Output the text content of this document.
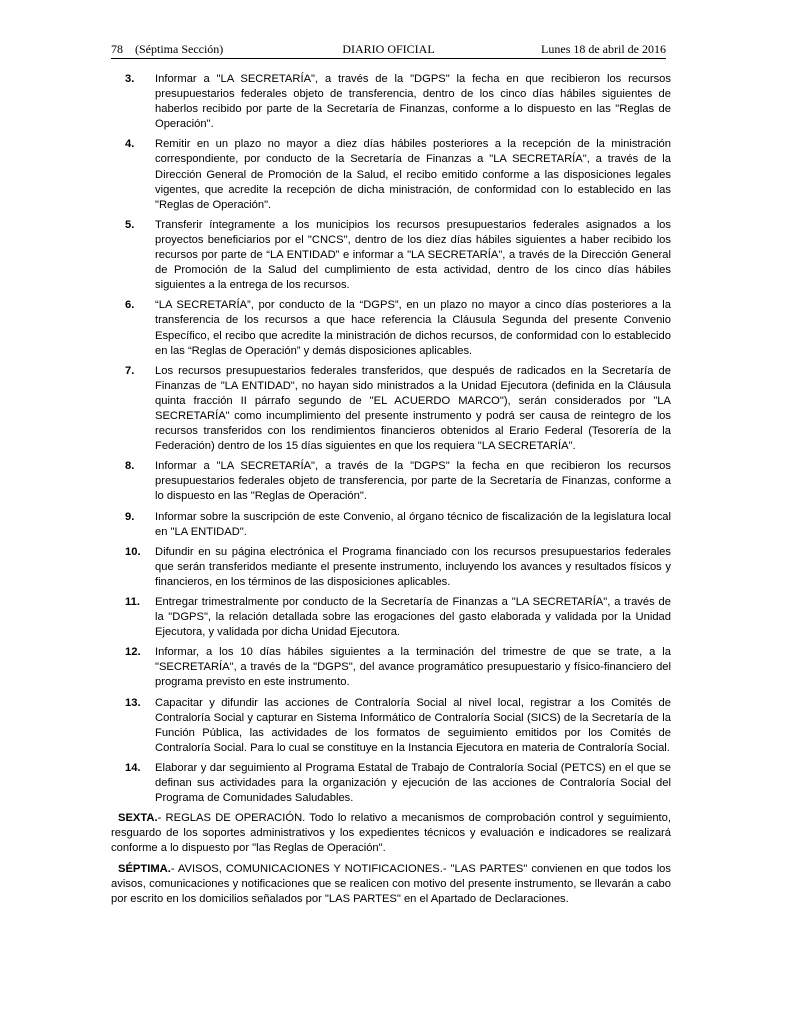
78 (Séptima Sección)	DIARIO OFICIAL	Lunes 18 de abril de 2016
3.	Informar a "LA SECRETARÍA", a través de la "DGPS" la fecha en que recibieron los recursos presupuestarios federales objeto de transferencia, dentro de los cinco días hábiles siguientes de haberlos recibido por parte de la Secretaría de Finanzas, conforme a lo dispuesto en las "Reglas de Operación".
4.	Remitir en un plazo no mayor a diez días hábiles posteriores a la recepción de la ministración correspondiente, por conducto de la Secretaría de Finanzas a "LA SECRETARÍA", a través de la Dirección General de Promoción de la Salud, el recibo emitido conforme a las disposiciones legales vigentes, que acredite la recepción de dicha ministración, de conformidad con lo establecido en las "Reglas de Operación".
5.	Transferir íntegramente a los municipios los recursos presupuestarios federales asignados a los proyectos beneficiarios por el "CNCS", dentro de los diez días hábiles siguientes a haber recibido los recursos por parte de “LA ENTIDAD” e informar a "LA SECRETARÍA", a través de la Dirección General de Promoción de la Salud del cumplimiento de esta actividad, dentro de los cinco días hábiles siguientes a la entrega de los recursos.
6.	“LA SECRETARÍA”, por conducto de la “DGPS”, en un plazo no mayor a cinco días posteriores a la transferencia de los recursos a que hace referencia la Cláusula Segunda del presente Convenio Específico, el recibo que acredite la ministración de dichos recursos, de conformidad con lo establecido en las “Reglas de Operación” y demás disposiciones aplicables.
7.	Los recursos presupuestarios federales transferidos, que después de radicados en la Secretaría de Finanzas de "LA ENTIDAD", no hayan sido ministrados a la Unidad Ejecutora (definida en la Cláusula quinta fracción II párrafo segundo de "EL ACUERDO MARCO"), serán considerados por "LA SECRETARÍA" como incumplimiento del presente instrumento y podrá ser causa de reintegro de los recursos transferidos con los rendimientos financieros obtenidos al Erario Federal (Tesorería de la Federación) dentro de los 15 días siguientes en que los requiera "LA SECRETARÍA".
8.	Informar a "LA SECRETARÍA", a través de la "DGPS" la fecha en que recibieron los recursos presupuestarios federales objeto de transferencia, por parte de la Secretaría de Finanzas, conforme a lo dispuesto en las "Reglas de Operación".
9.	Informar sobre la suscripción de este Convenio, al órgano técnico de fiscalización de la legislatura local en "LA ENTIDAD".
10.	Difundir en su página electrónica el Programa financiado con los recursos presupuestarios federales que serán transferidos mediante el presente instrumento, incluyendo los avances y resultados físicos y financieros, en los términos de las disposiciones aplicables.
11.	Entregar trimestralmente por conducto de la Secretaría de Finanzas a "LA SECRETARÍA", a través de la "DGPS", la relación detallada sobre las erogaciones del gasto elaborada y validada por la Unidad Ejecutora, y validada por dicha Unidad Ejecutora.
12.	Informar, a los 10 días hábiles siguientes a la terminación del trimestre de que se trate, a la "SECRETARÍA", a través de la "DGPS", del avance programático presupuestario y físico-financiero del programa previsto en este instrumento.
13.	Capacitar y difundir las acciones de Contraloría Social al nivel local, registrar a los Comités de Contraloría Social y capturar en Sistema Informático de Contraloría Social (SICS) de la Secretaría de la Función Pública, las actividades de los formatos de seguimiento emitidos por los Comités de Contraloría Social. Para lo cual se constituye en la Instancia Ejecutora en materia de Contraloría Social.
14.	Elaborar y dar seguimiento al Programa Estatal de Trabajo de Contraloría Social (PETCS) en el que se definan sus actividades para la organización y ejecución de las acciones de Contraloría Social del Programa de Comunidades Saludables.
SEXTA.- REGLAS DE OPERACIÓN. Todo lo relativo a mecanismos de comprobación control y seguimiento, resguardo de los soportes administrativos y los expedientes técnicos y evaluación e indicadores se realizará conforme a lo dispuesto por "las Reglas de Operación".
SÉPTIMA.- AVISOS, COMUNICACIONES Y NOTIFICACIONES.- "LAS PARTES" convienen en que todos los avisos, comunicaciones y notificaciones que se realicen con motivo del presente instrumento, se llevarán a cabo por escrito en los domicilios señalados por "LAS PARTES" en el Apartado de Declaraciones.
